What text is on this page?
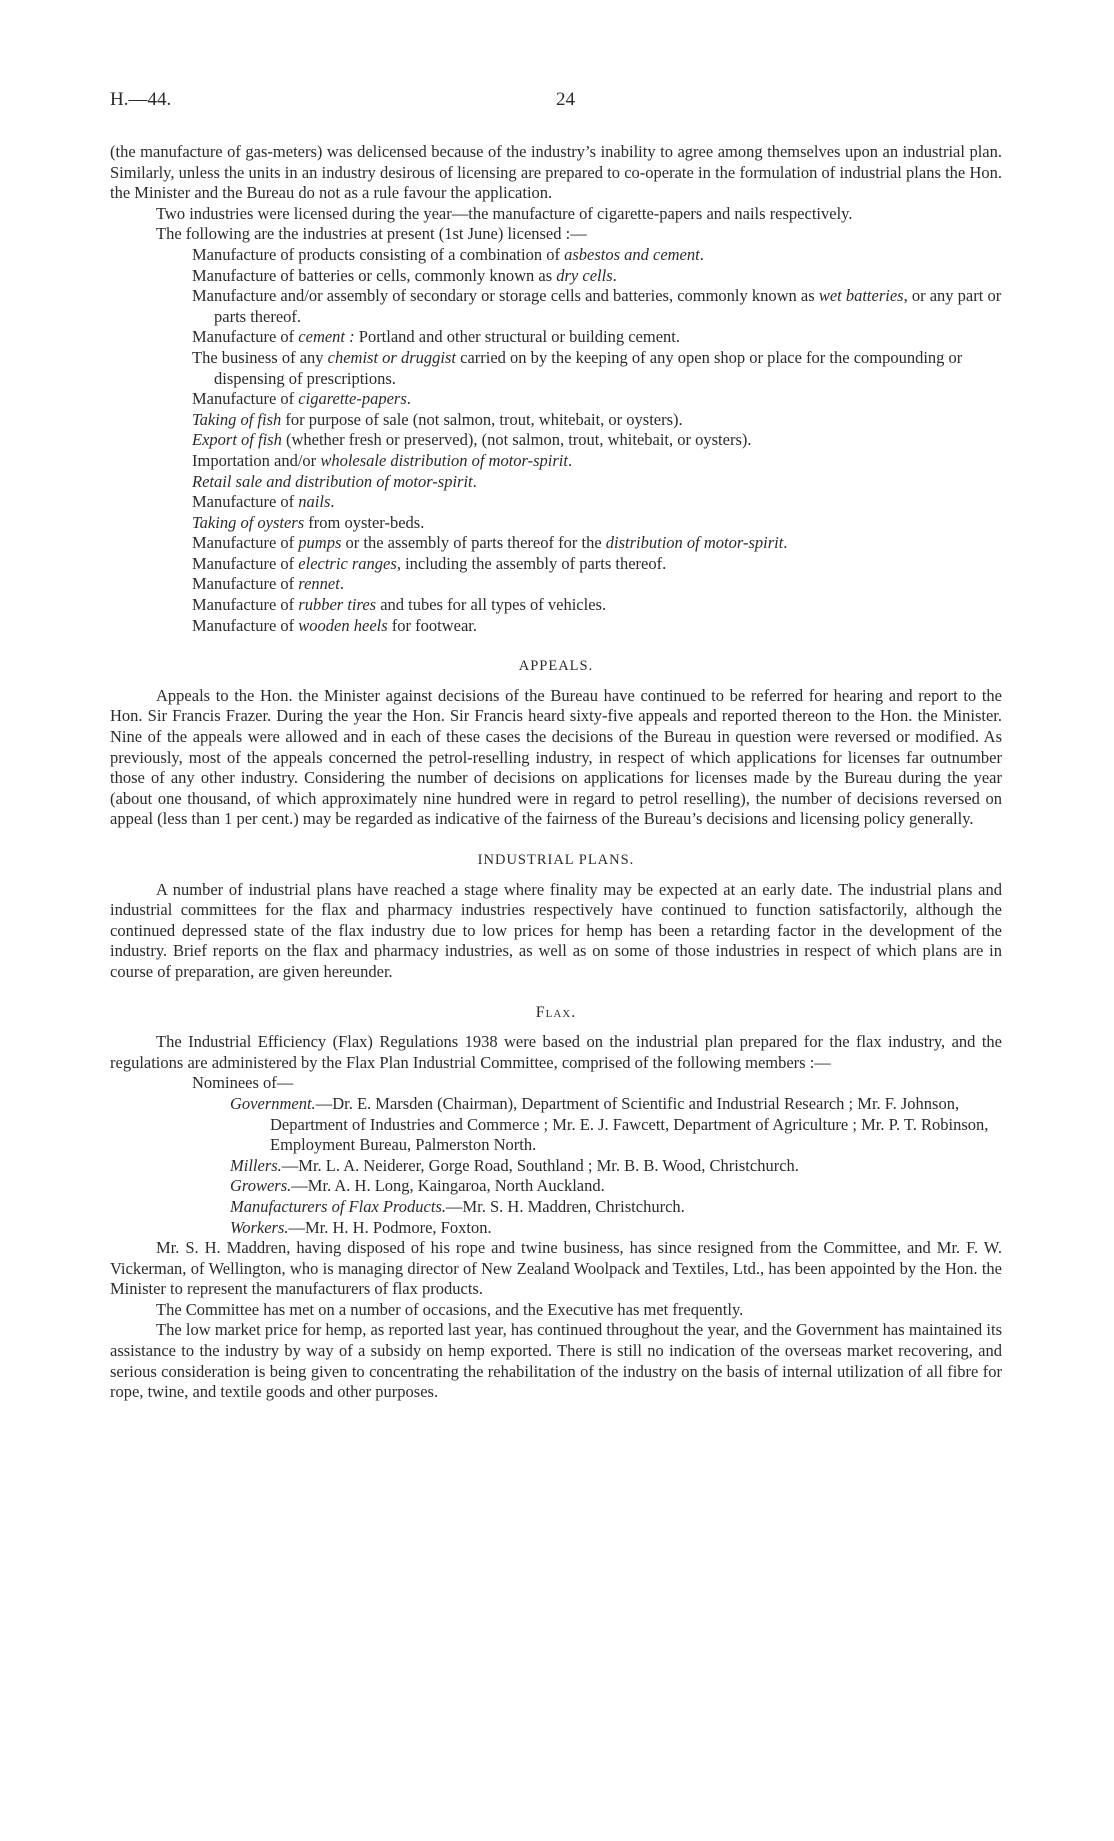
H.—44.	24

(the manufacture of gas-meters) was delicensed because of the industry’s inability to agree among themselves upon an industrial plan. Similarly, unless the units in an industry desirous of licensing are prepared to co-operate in the formulation of industrial plans the Hon. the Minister and the Bureau do not as a rule favour the application.

Two industries were licensed during the year—the manufacture of cigarette-papers and nails respectively.

The following are the industries at present (1st June) licensed :—

Manufacture of products consisting of a combination of asbestos and cement.
Manufacture of batteries or cells, commonly known as dry cells.
Manufacture and/or assembly of secondary or storage cells and batteries, commonly known as wet batteries, or any part or parts thereof.
Manufacture of cement : Portland and other structural or building cement.
The business of any chemist or druggist carried on by the keeping of any open shop or place for the compounding or dispensing of prescriptions.
Manufacture of cigarette-papers.
Taking of fish for purpose of sale (not salmon, trout, whitebait, or oysters).
Export of fish (whether fresh or preserved), (not salmon, trout, whitebait, or oysters).
Importation and/or wholesale distribution of motor-spirit.
Retail sale and distribution of motor-spirit.
Manufacture of nails.
Taking of oysters from oyster-beds.
Manufacture of pumps or the assembly of parts thereof for the distribution of motor-spirit.
Manufacture of electric ranges, including the assembly of parts thereof.
Manufacture of rennet.
Manufacture of rubber tires and tubes for all types of vehicles.
Manufacture of wooden heels for footwear.
APPEALS.

Appeals to the Hon. the Minister against decisions of the Bureau have continued to be referred for hearing and report to the Hon. Sir Francis Frazer. During the year the Hon. Sir Francis heard sixty-five appeals and reported thereon to the Hon. the Minister. Nine of the appeals were allowed and in each of these cases the decisions of the Bureau in question were reversed or modified. As previously, most of the appeals concerned the petrol-reselling industry, in respect of which applications for licenses far outnumber those of any other industry. Considering the number of decisions on applications for licenses made by the Bureau during the year (about one thousand, of which approximately nine hundred were in regard to petrol reselling), the number of decisions reversed on appeal (less than 1 per cent.) may be regarded as indicative of the fairness of the Bureau’s decisions and licensing policy generally.

INDUSTRIAL PLANS.

A number of industrial plans have reached a stage where finality may be expected at an early date. The industrial plans and industrial committees for the flax and pharmacy industries respectively have continued to function satisfactorily, although the continued depressed state of the flax industry due to low prices for hemp has been a retarding factor in the development of the industry. Brief reports on the flax and pharmacy industries, as well as on some of those industries in respect of which plans are in course of preparation, are given hereunder.

Flax.

The Industrial Efficiency (Flax) Regulations 1938 were based on the industrial plan prepared for the flax industry, and the regulations are administered by the Flax Plan Industrial Committee, comprised of the following members :—

Nominees of—
Government.—Dr. E. Marsden (Chairman), Department of Scientific and Industrial Research ; Mr. F. Johnson, Department of Industries and Commerce ; Mr. E. J. Fawcett, Department of Agriculture ; Mr. P. T. Robinson, Employment Bureau, Palmerston North.
Millers.—Mr. L. A. Neiderer, Gorge Road, Southland ; Mr. B. B. Wood, Christchurch.
Growers.—Mr. A. H. Long, Kaingaroa, North Auckland.
Manufacturers of Flax Products.—Mr. S. H. Maddren, Christchurch.
Workers.—Mr. H. H. Podmore, Foxton.

Mr. S. H. Maddren, having disposed of his rope and twine business, has since resigned from the Committee, and Mr. F. W. Vickerman, of Wellington, who is managing director of New Zealand Woolpack and Textiles, Ltd., has been appointed by the Hon. the Minister to represent the manufacturers of flax products.

The Committee has met on a number of occasions, and the Executive has met frequently.

The low market price for hemp, as reported last year, has continued throughout the year, and the Government has maintained its assistance to the industry by way of a subsidy on hemp exported. There is still no indication of the overseas market recovering, and serious consideration is being given to concentrating the rehabilitation of the industry on the basis of internal utilization of all fibre for rope, twine, and textile goods and other purposes.
